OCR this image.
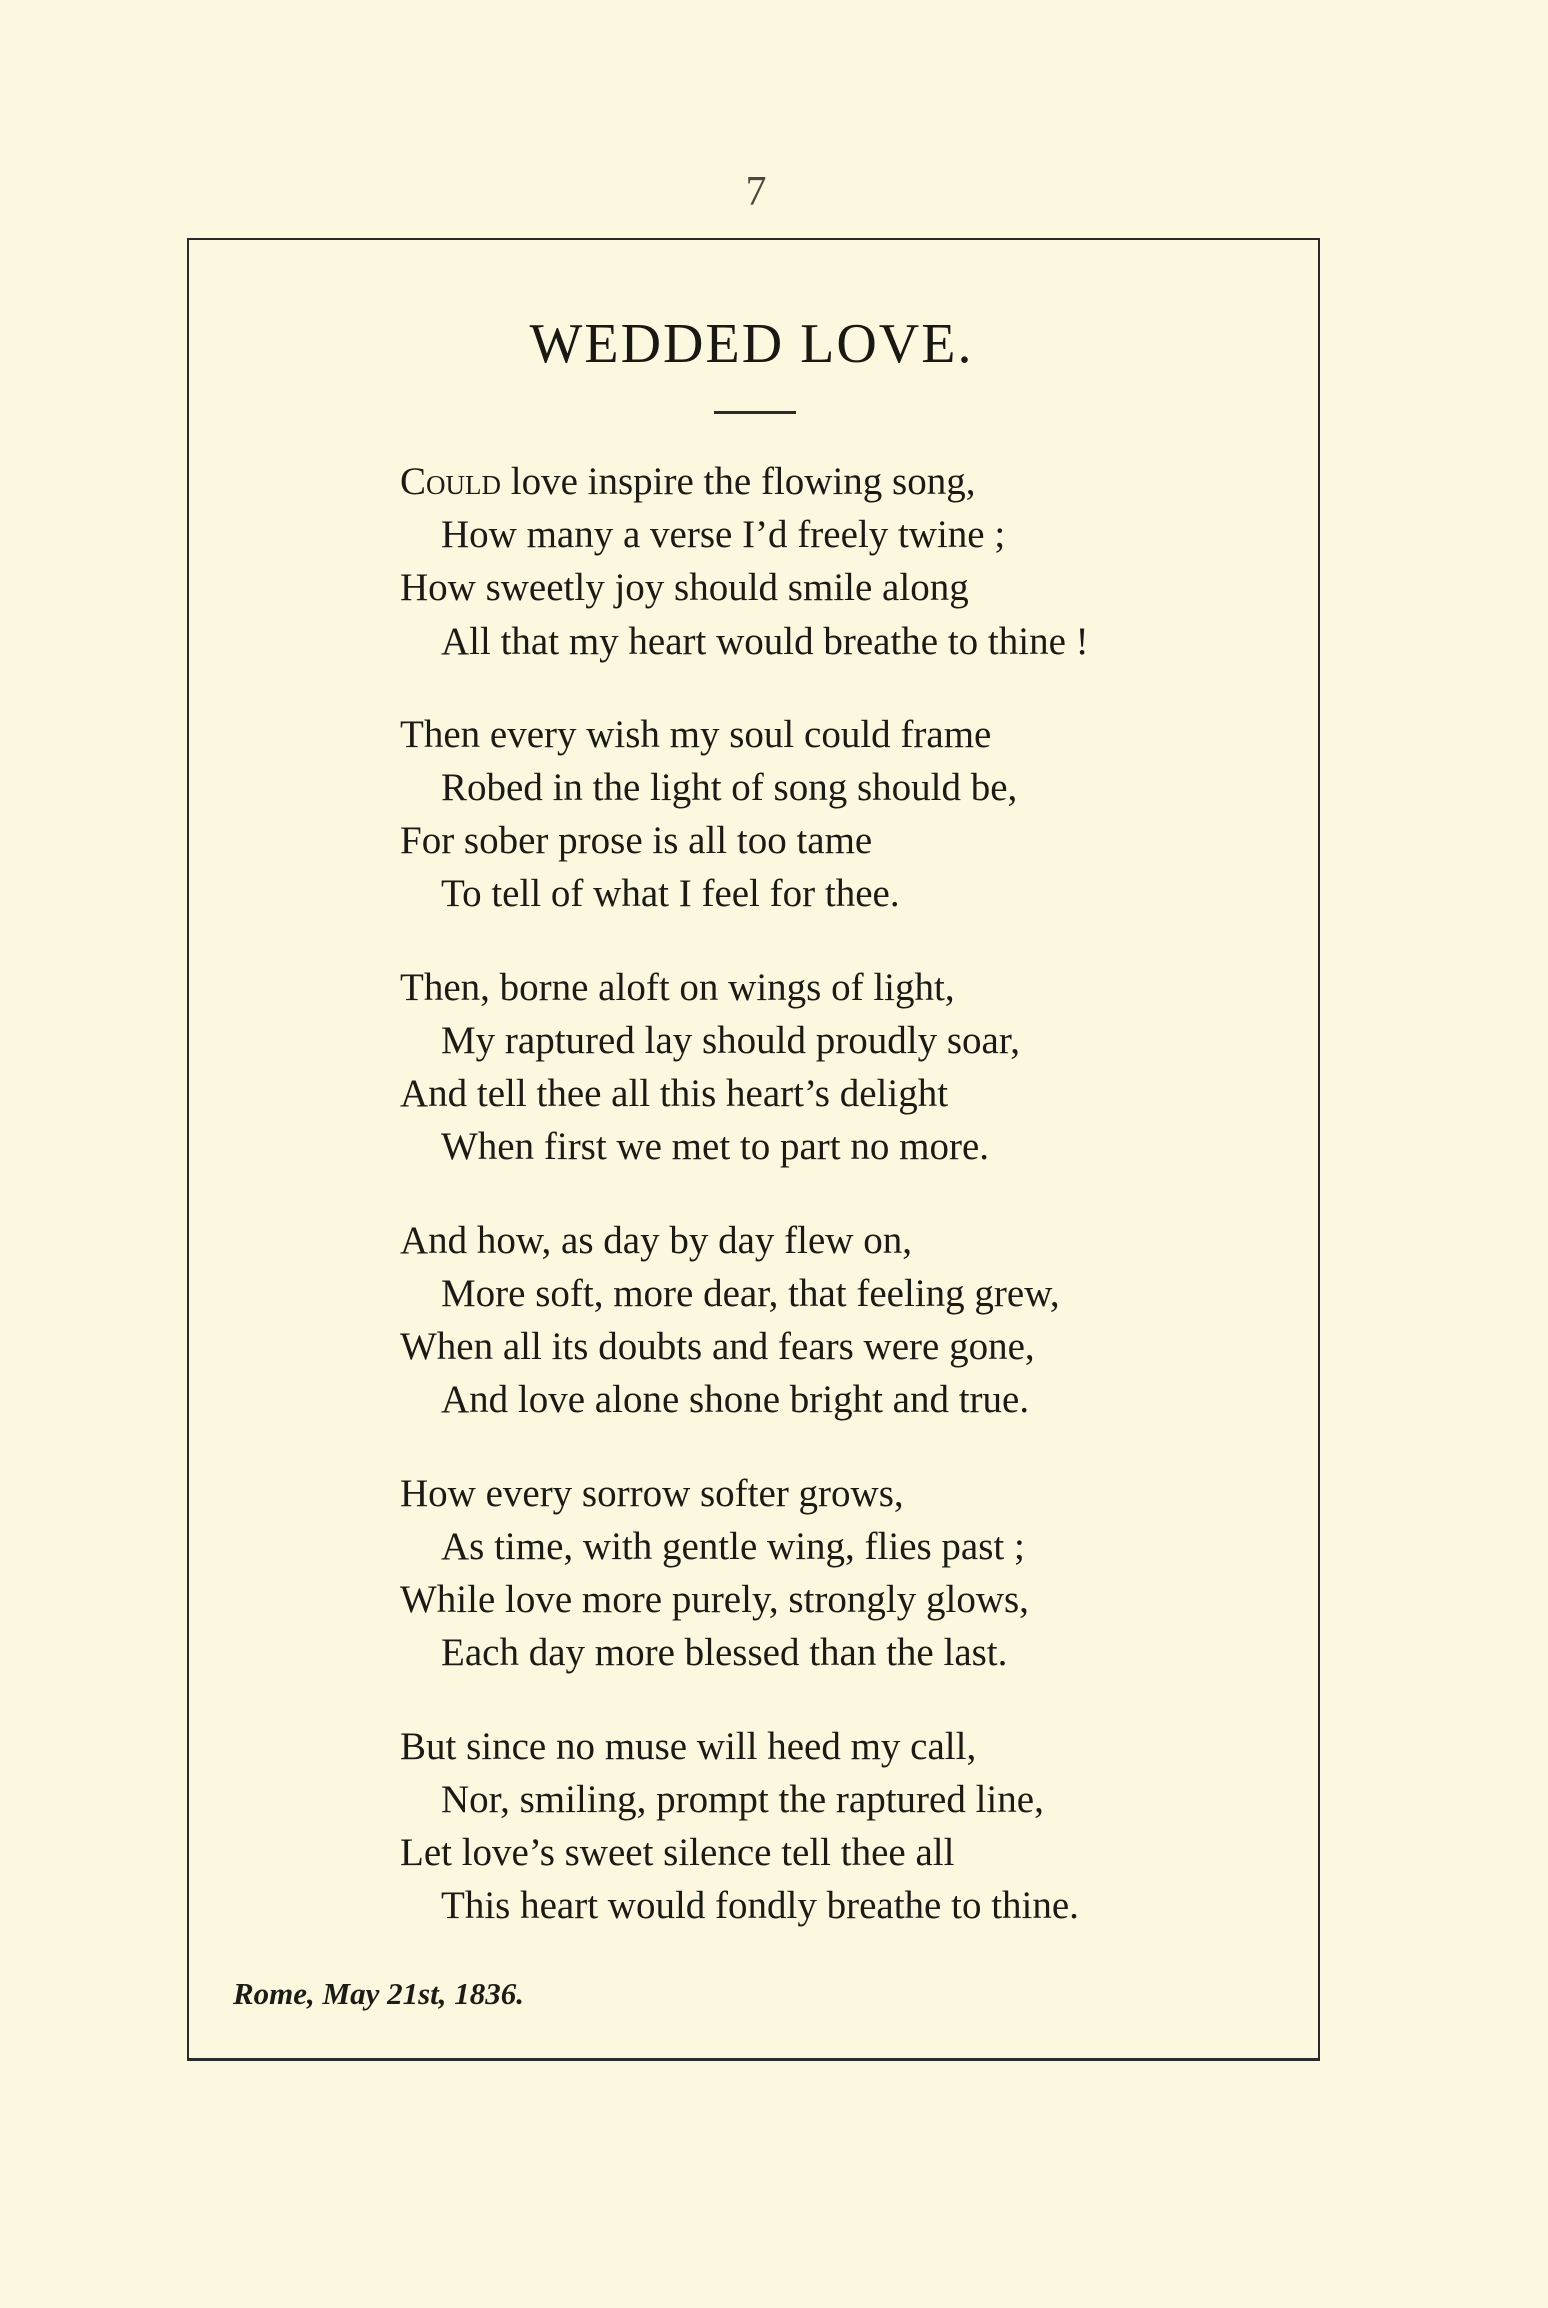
7
WEDDED LOVE.
Could love inspire the flowing song,
How many a verse I’d freely twine ;
How sweetly joy should smile along
All that my heart would breathe to thine !
Then every wish my soul could frame
Robed in the light of song should be,
For sober prose is all too tame
To tell of what I feel for thee.
Then, borne aloft on wings of light,
My raptured lay should proudly soar,
And tell thee all this heart’s delight
When first we met to part no more.
And how, as day by day flew on,
More soft, more dear, that feeling grew,
When all its doubts and fears were gone,
And love alone shone bright and true.
How every sorrow softer grows,
As time, with gentle wing, flies past ;
While love more purely, strongly glows,
Each day more blessed than the last.
But since no muse will heed my call,
Nor, smiling, prompt the raptured line,
Let love’s sweet silence tell thee all
This heart would fondly breathe to thine.
Rome, May 21st, 1836.
